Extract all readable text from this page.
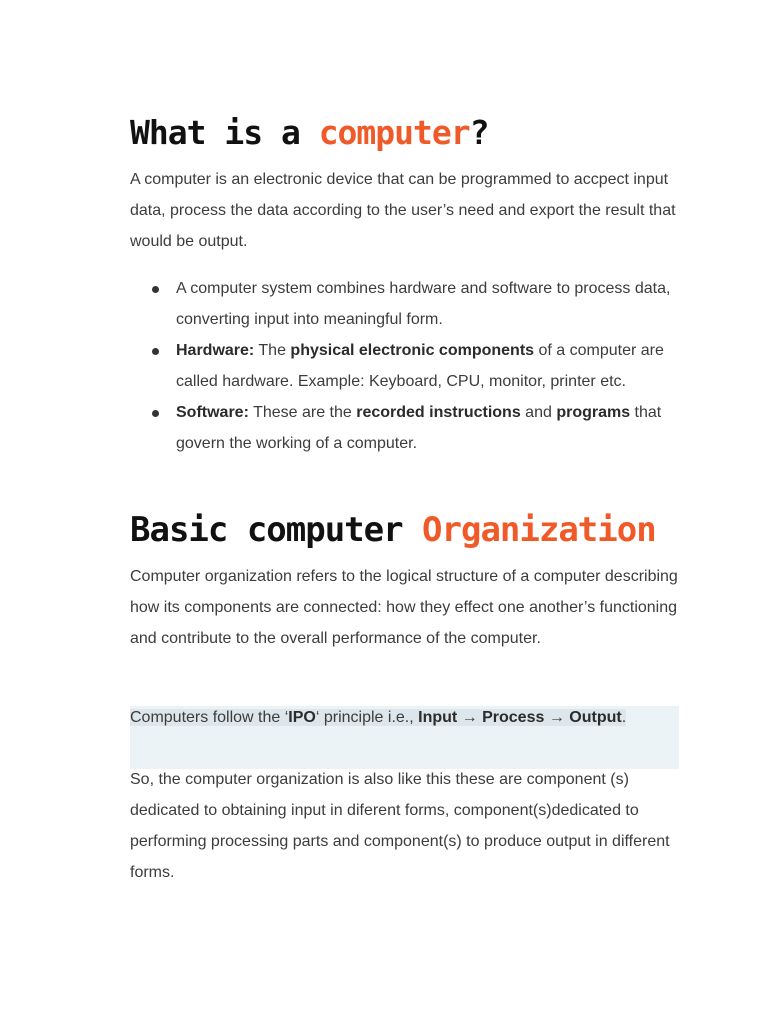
What is a computer?

A computer is an electronic device that can be programmed to accpect input data, process the data according to the user’s need and export the result that would be output.

A computer system combines hardware and software to process data, converting input into meaningful form.
Hardware: The physical electronic components of a computer are called hardware. Example: Keyboard, CPU, monitor, printer etc.
Software: These are the recorded instructions and programs that govern the working of a computer.
Basic computer Organization

Computer organization refers to the logical structure of a computer describing how its components are connected: how they effect one another’s functioning and contribute to the overall performance of the computer.

Computers follow the ‘IPO‘ principle i.e., Input → Process → Output.

So, the computer organization is also like this these are component (s) dedicated to obtaining input in diferent forms, component(s)dedicated to performing processing parts and component(s) to produce output in different forms.
